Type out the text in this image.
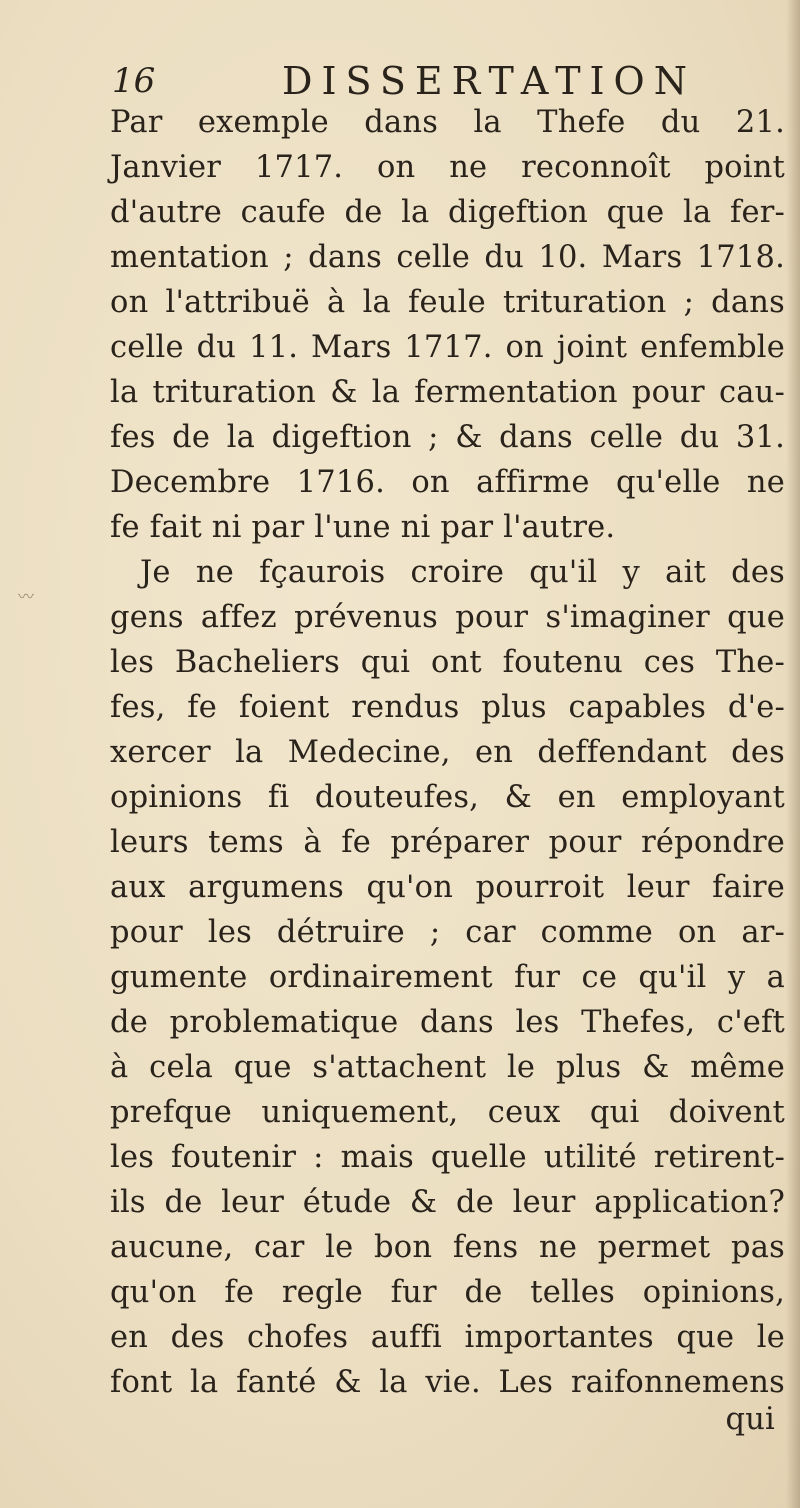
16	DISSERTATION
〰
Par exemple dans la Thefe du 21.
Janvier 1717. on ne reconnoît point
d'autre caufe de la digeftion que la fer-
mentation ; dans celle du 10. Mars 1718.
on l'attribuë à la feule trituration ; dans
celle du 11. Mars 1717. on joint enfemble
la trituration & la fermentation pour cau-
fes de la digeftion ; & dans celle du 31.
Decembre 1716. on affirme qu'elle ne
fe fait ni par l'une ni par l'autre.
Je ne fçaurois croire qu'il y ait des
gens affez prévenus pour s'imaginer que
les Bacheliers qui ont foutenu ces The-
fes, fe foient rendus plus capables d'e-
xercer la Medecine, en deffendant des
opinions fi douteufes, & en employant
leurs tems à fe préparer pour répondre
aux argumens qu'on pourroit leur faire
pour les détruire ; car comme on ar-
gumente ordinairement fur ce qu'il y a
de problematique dans les Thefes, c'eft
à cela que s'attachent le plus & même
prefque uniquement, ceux qui doivent
les foutenir : mais quelle utilité retirent-
ils de leur étude & de leur application?
aucune, car le bon fens ne permet pas
qu'on fe regle fur de telles opinions,
en des chofes auffi importantes que le
font la fanté & la vie. Les raifonnemens
qui
